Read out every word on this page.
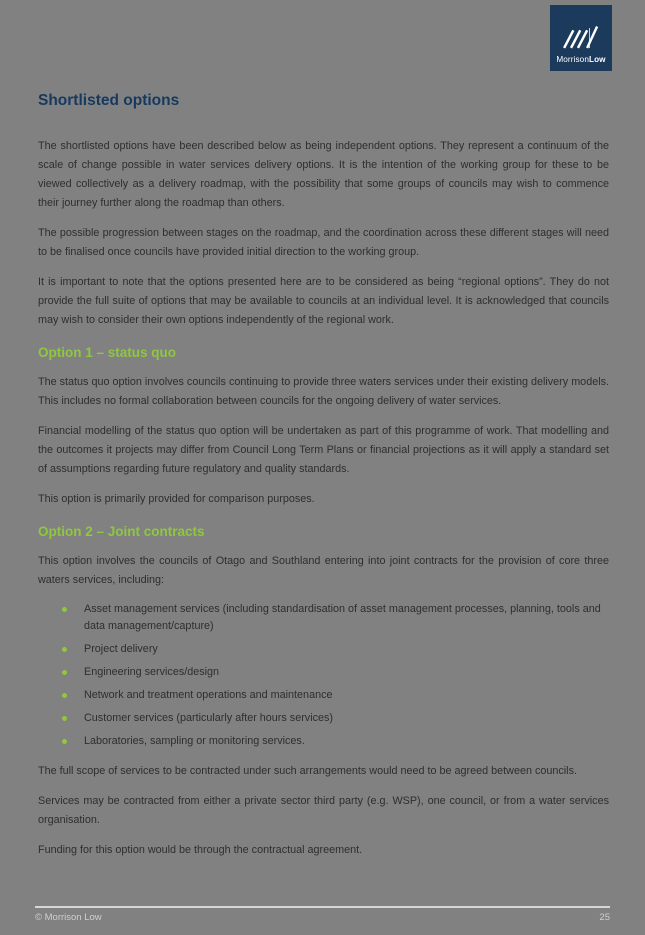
MorrisonLow
Shortlisted options

The shortlisted options have been described below as being independent options. They represent a continuum of the scale of change possible in water services delivery options. It is the intention of the working group for these to be viewed collectively as a delivery roadmap, with the possibility that some groups of councils may wish to commence their journey further along the roadmap than others.

The possible progression between stages on the roadmap, and the coordination across these different stages will need to be finalised once councils have provided initial direction to the working group.

It is important to note that the options presented here are to be considered as being “regional options”. They do not provide the full suite of options that may be available to councils at an individual level. It is acknowledged that councils may wish to consider their own options independently of the regional work.

Option 1 – status quo

The status quo option involves councils continuing to provide three waters services under their existing delivery models. This includes no formal collaboration between councils for the ongoing delivery of water services.

Financial modelling of the status quo option will be undertaken as part of this programme of work. That modelling and the outcomes it projects may differ from Council Long Term Plans or financial projections as it will apply a standard set of assumptions regarding future regulatory and quality standards.

This option is primarily provided for comparison purposes.

Option 2 – Joint contracts

This option involves the councils of Otago and Southland entering into joint contracts for the provision of core three waters services, including:

Asset management services (including standardisation of asset management processes, planning, tools and data management/capture)
Project delivery
Engineering services/design
Network and treatment operations and maintenance
Customer services (particularly after hours services)
Laboratories, sampling or monitoring services.

The full scope of services to be contracted under such arrangements would need to be agreed between councils.

Services may be contracted from either a private sector third party (e.g. WSP), one council, or from a water services organisation.

Funding for this option would be through the contractual agreement.

© Morrison Low	25
